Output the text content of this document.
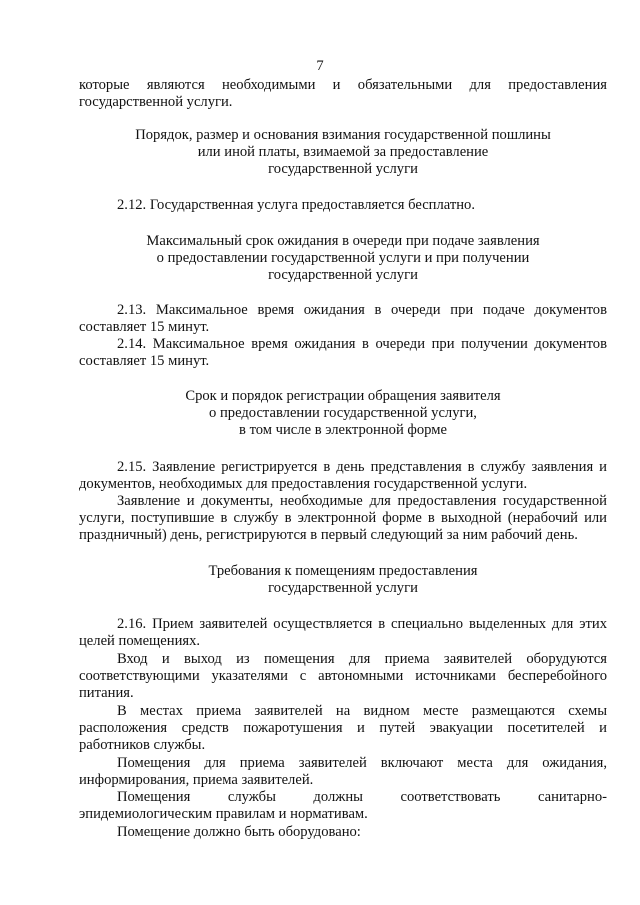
7
которые являются необходимыми и обязательными для предоставления
государственной услуги.
Порядок, размер и основания взимания государственной пошлины
или иной платы, взимаемой за предоставление
государственной услуги
2.12. Государственная услуга предоставляется бесплатно.
Максимальный срок ожидания в очереди при подаче заявления
о предоставлении государственной услуги и при получении
государственной услуги
2.13. Максимальное время ожидания в очереди при подаче документов
составляет 15 минут.
2.14. Максимальное время ожидания в очереди при получении документов
составляет 15 минут.
Срок и порядок регистрации обращения заявителя
о предоставлении государственной услуги,
в том числе в электронной форме
2.15. Заявление регистрируется в день представления в службу заявления и
документов, необходимых для предоставления государственной услуги.
Заявление и документы, необходимые для предоставления государственной
услуги, поступившие в службу в электронной форме в выходной (нерабочий или
праздничный) день, регистрируются в первый следующий за ним рабочий день.
Требования к помещениям предоставления
государственной услуги
2.16. Прием заявителей осуществляется в специально выделенных для этих
целей помещениях.
Вход и выход из помещения для приема заявителей оборудуются
соответствующими указателями с автономными источниками бесперебойного
питания.
В местах приема заявителей на видном месте размещаются схемы
расположения средств пожаротушения и путей эвакуации посетителей и
работников службы.
Помещения для приема заявителей включают места для ожидания,
информирования, приема заявителей.
Помещения службы должны соответствовать санитарно-
эпидемиологическим правилам и нормативам.
Помещение должно быть оборудовано:
